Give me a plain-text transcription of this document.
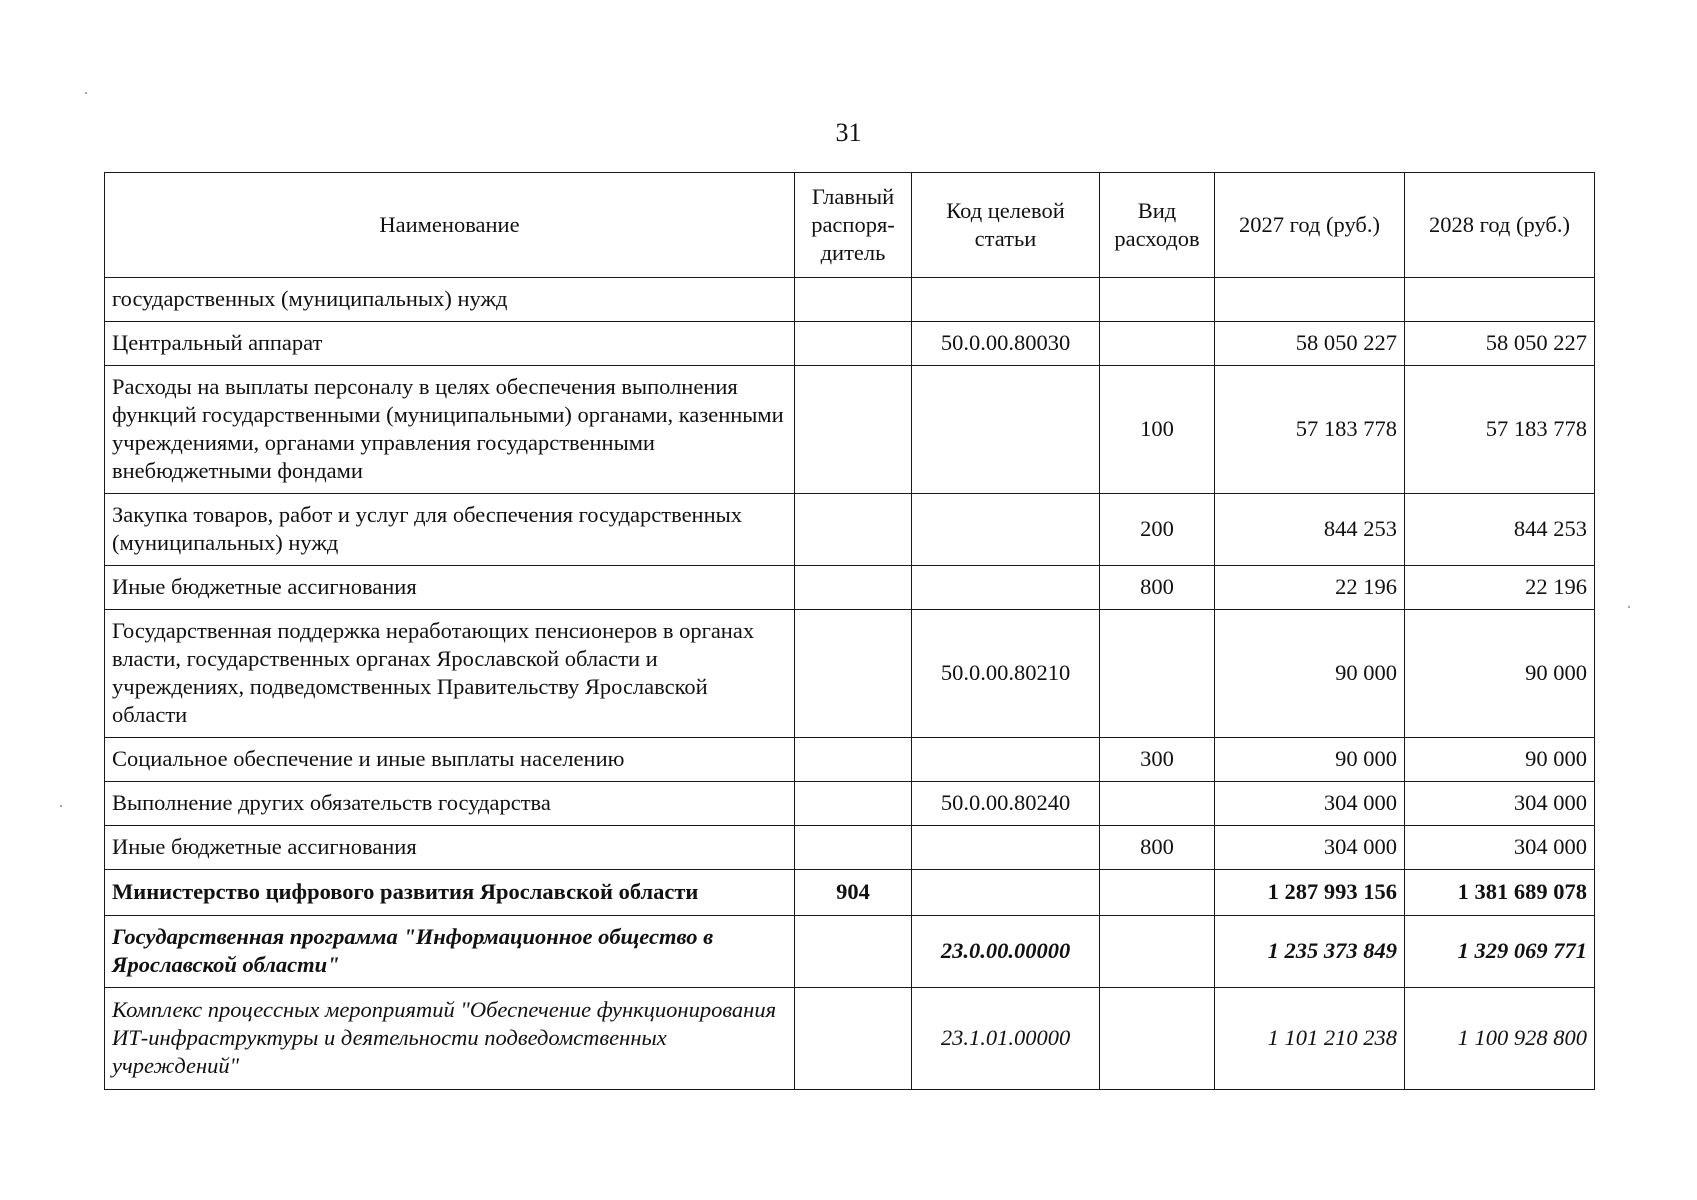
31
Наименование	Главный распоря-дитель	Код целевой статьи	Вид расходов	2027 год (руб.)	2028 год (руб.)
государственных (муниципальных) нужд					
Центральный аппарат		50.0.00.80030		58 050 227	58 050 227
Расходы на выплаты персоналу в целях обеспечения выполнения функций государственными (муниципальными) органами, казенными учреждениями, органами управления государственными внебюджетными фондами			100	57 183 778	57 183 778
Закупка товаров, работ и услуг для обеспечения государственных (муниципальных) нужд			200	844 253	844 253
Иные бюджетные ассигнования			800	22 196	22 196
Государственная поддержка неработающих пенсионеров в органах власти, государственных органах Ярославской области и учреждениях, подведомственных Правительству Ярославской области		50.0.00.80210		90 000	90 000
Социальное обеспечение и иные выплаты населению			300	90 000	90 000
Выполнение других обязательств государства		50.0.00.80240		304 000	304 000
Иные бюджетные ассигнования			800	304 000	304 000
Министерство цифрового развития Ярославской области	904			1 287 993 156	1 381 689 078
Государственная программа "Информационное общество в Ярославской области"		23.0.00.00000		1 235 373 849	1 329 069 771
Комплекс процессных мероприятий "Обеспечение функционирования ИТ-инфраструктуры и деятельности подведомственных учреждений"		23.1.01.00000		1 101 210 238	1 100 928 800
